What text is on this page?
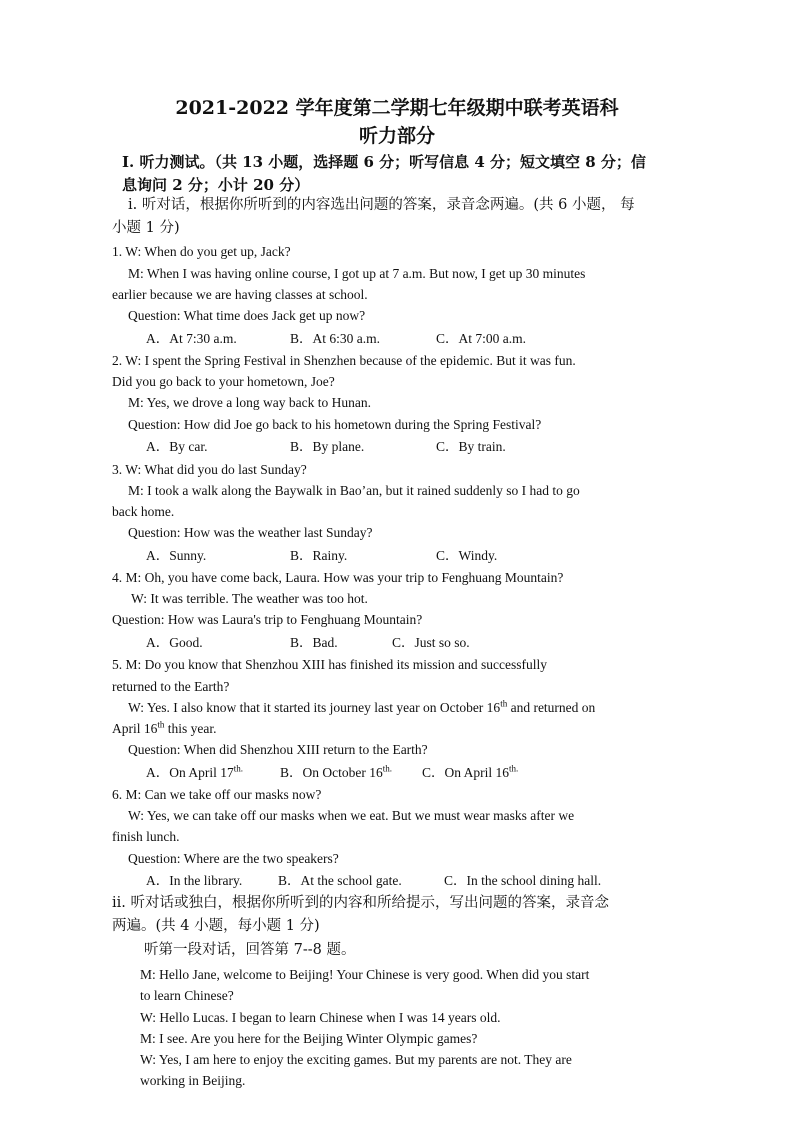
2021-2022 学年度第二学期七年级期中联考英语科
听力部分
I. 听力测试。（共 13 小题，选择题 6 分；听写信息 4 分；短文填空 8 分；信
息询问 2 分；小计 20 分）
i. 听对话，根据你所听到的内容选出问题的答案，录音念两遍。(共 6 小题， 每
小题 1 分)
1. W: When do you get up, Jack?
M: When I was having online course, I got up at 7 a.m. But now, I get up 30 minutes
earlier because we are having classes at school.
Question: What time does Jack get up now?
A．At 7:30 a.m.	B．At 6:30 a.m.	C．At 7:00 a.m.
2. W: I spent the Spring Festival in Shenzhen because of the epidemic. But it was fun.
Did you go back to your hometown, Joe?
M: Yes, we drove a long way back to Hunan.
Question: How did Joe go back to his hometown during the Spring Festival?
A．By car.	B．By plane.	C．By train.
3. W: What did you do last Sunday?
M: I took a walk along the Baywalk in Bao’an, but it rained suddenly so I had to go
back home.
Question: How was the weather last Sunday?
A．Sunny.	B．Rainy.	C．Windy.
4. M: Oh, you have come back, Laura. How was your trip to Fenghuang Mountain?
W: It was terrible. The weather was too hot.
Question: How was Laura's trip to Fenghuang Mountain?
A．Good.	B．Bad.	C．Just so so.
5. M: Do you know that Shenzhou XIII has finished its mission and successfully
returned to the Earth?
W: Yes. I also know that it started its journey last year on October 16th and returned on
April 16th this year.
Question: When did Shenzhou XIII return to the Earth?
A．On April $17^{th.}$	B．On October $16^{th.}$ C．On April $16^{th.}$
6. M: Can we take off our masks now?
W: Yes, we can take off our masks when we eat. But we must wear masks after we
finish lunch.
Question: Where are the two speakers?
A．In the library.	B．At the school gate.	C．In the school dining hall.
ii. 听对话或独白，根据你所听到的内容和所给提示，写出问题的答案，录音念
两遍。(共 4 小题，每小题 1 分)
听第一段对话，回答第 7--8 题。
M: Hello Jane, welcome to Beijing! Your Chinese is very good. When did you start
to learn Chinese?
W: Hello Lucas. I began to learn Chinese when I was 14 years old.
M: I see. Are you here for the Beijing Winter Olympic games?
W: Yes, I am here to enjoy the exciting games. But my parents are not. They are
working in Beijing.
